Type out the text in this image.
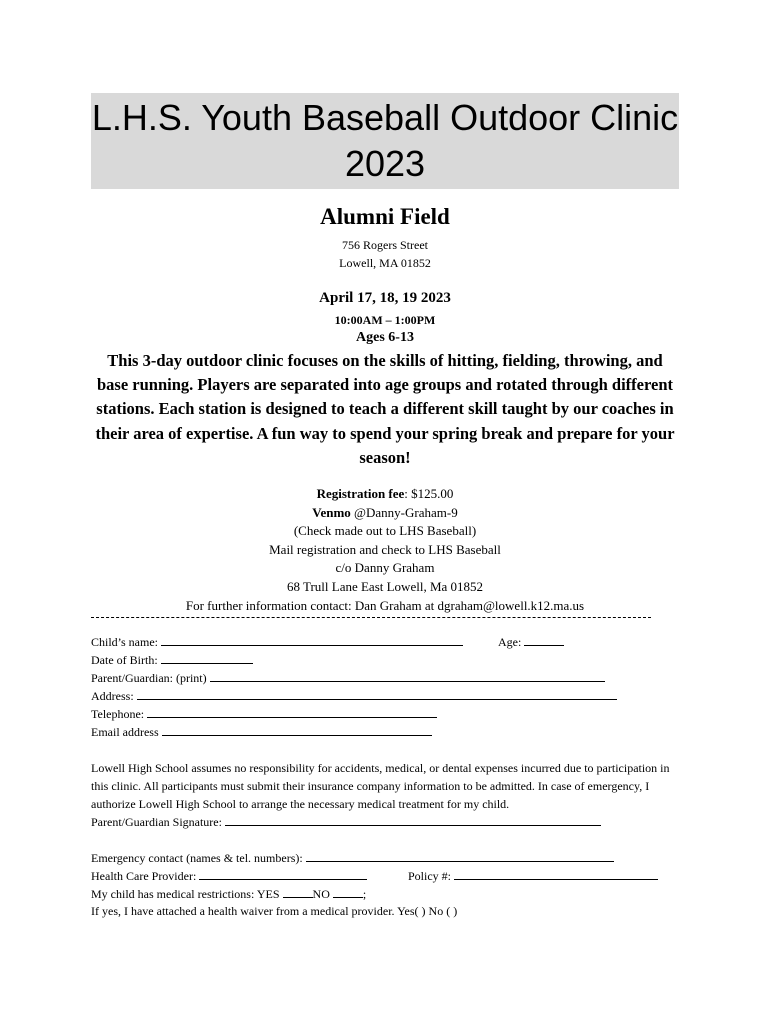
L.H.S. Youth Baseball Outdoor Clinic
2023
Alumni Field
756 Rogers Street
Lowell, MA 01852
April 17, 18, 19 2023
10:00AM – 1:00PM
Ages 6-13
This 3-day outdoor clinic focuses on the skills of hitting, fielding, throwing, and base running. Players are separated into age groups and rotated through different stations. Each station is designed to teach a different skill taught by our coaches in their area of expertise. A fun way to spend your spring break and prepare for your season!
Registration fee: $125.00
Venmo @Danny-Graham-9
(Check made out to LHS Baseball)
Mail registration and check to LHS Baseball
c/o Danny Graham
68 Trull Lane East Lowell, Ma 01852
For further information contact: Dan Graham at dgraham@lowell.k12.ma.us
Child’s name:	Age:
Date of Birth:
Parent/Guardian: (print)
Address:
Telephone:
Email address
Lowell High School assumes no responsibility for accidents, medical, or dental expenses incurred due to participation in this clinic. All participants must submit their insurance company information to be admitted. In case of emergency, I authorize Lowell High School to arrange the necessary medical treatment for my child.
Parent/Guardian Signature:
Emergency contact (names & tel. numbers):
Health Care Provider:	Policy #:
My child has medical restrictions: YES	NO	;
If yes, I have attached a health waiver from a medical provider. Yes( ) No ( )
